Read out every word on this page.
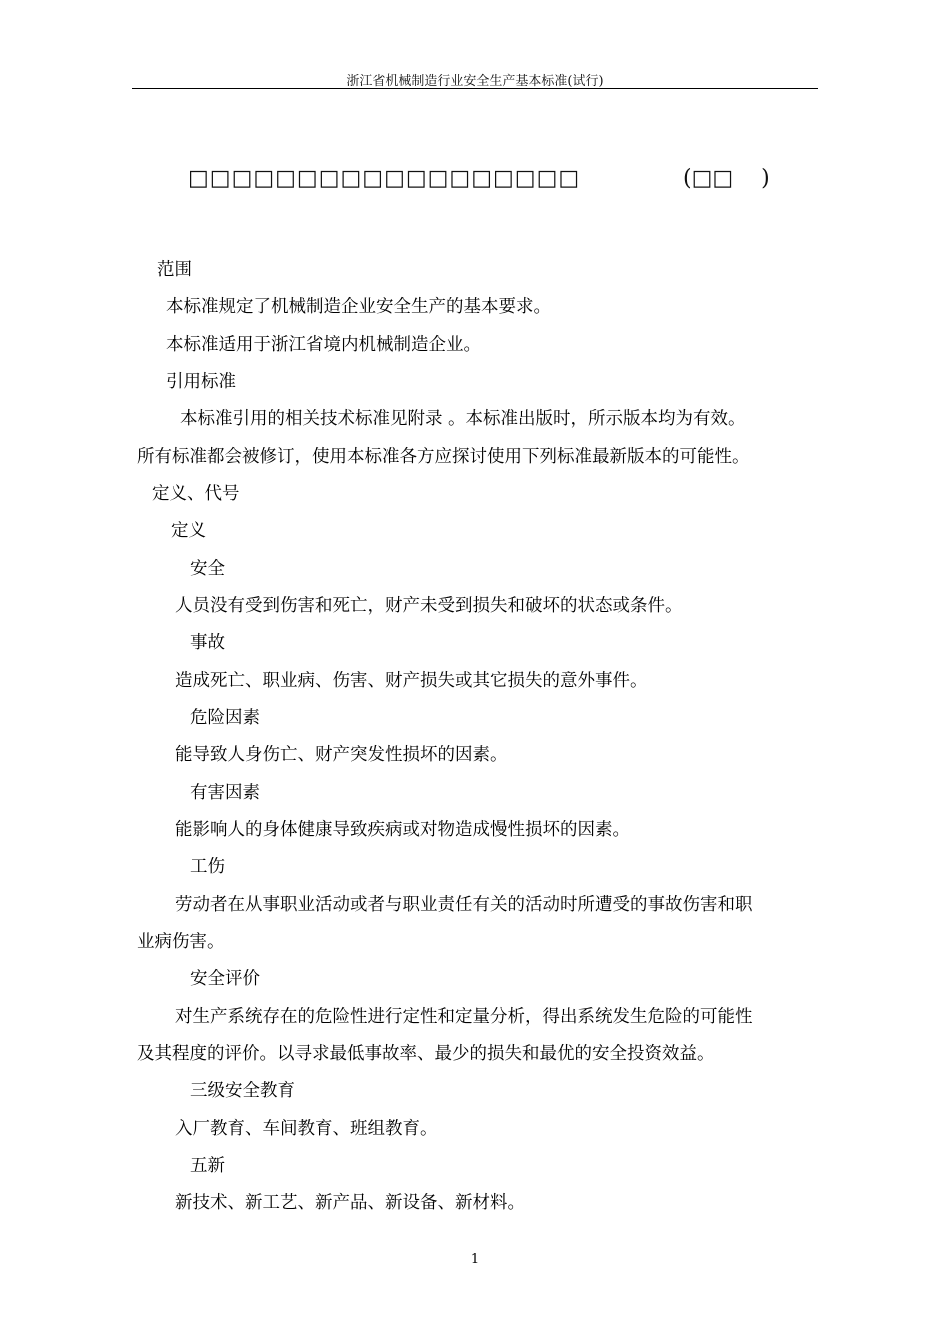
浙江省机械制造行业安全生产基本标准(试行)
□□□□□□□□□□□□□□□□□□	(□□    )
范围
本标准规定了机械制造企业安全生产的基本要求。
本标准适用于浙江省境内机械制造企业。
引用标准
本标准引用的相关技术标准见附录 。本标准出版时，所示版本均为有效。
所有标准都会被修订，使用本标准各方应探讨使用下列标准最新版本的可能性。
定义、代号
定义
安全
人员没有受到伤害和死亡，财产未受到损失和破坏的状态或条件。
事故
造成死亡、职业病、伤害、财产损失或其它损失的意外事件。
危险因素
能导致人身伤亡、财产突发性损坏的因素。
有害因素
能影响人的身体健康导致疾病或对物造成慢性损坏的因素。
工伤
劳动者在从事职业活动或者与职业责任有关的活动时所遭受的事故伤害和职
业病伤害。
安全评价
对生产系统存在的危险性进行定性和定量分析，得出系统发生危险的可能性
及其程度的评价。以寻求最低事故率、最少的损失和最优的安全投资效益。
三级安全教育
入厂教育、车间教育、班组教育。
五新
新技术、新工艺、新产品、新设备、新材料。
1
